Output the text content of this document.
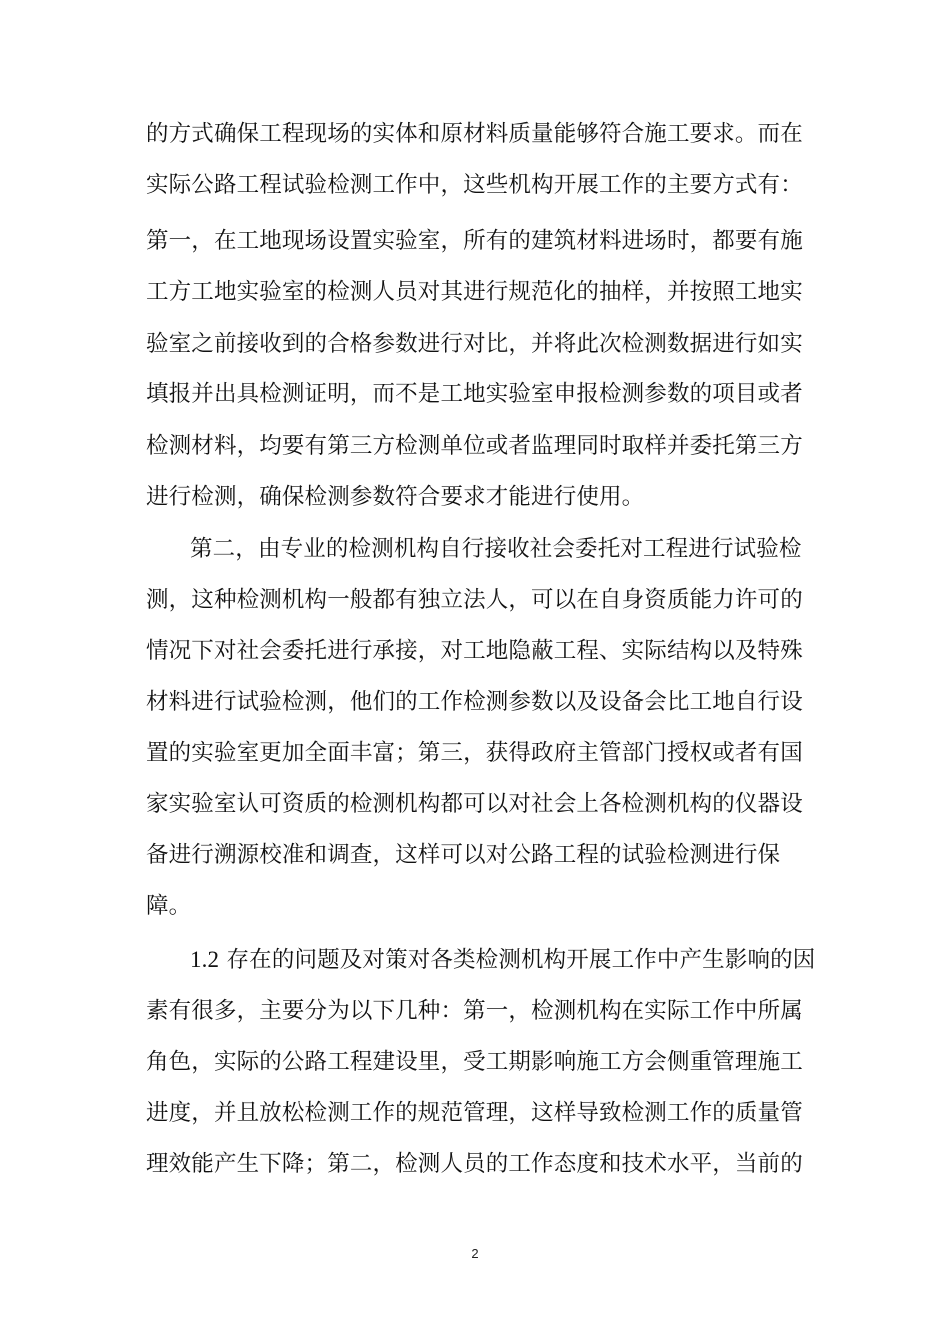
的方式确保工程现场的实体和原材料质量能够符合施工要求。而在
实际公路工程试验检测工作中，这些机构开展工作的主要方式有：
第一，在工地现场设置实验室，所有的建筑材料进场时，都要有施
工方工地实验室的检测人员对其进行规范化的抽样，并按照工地实
验室之前接收到的合格参数进行对比，并将此次检测数据进行如实
填报并出具检测证明，而不是工地实验室申报检测参数的项目或者
检测材料，均要有第三方检测单位或者监理同时取样并委托第三方
进行检测，确保检测参数符合要求才能进行使用。
第二，由专业的检测机构自行接收社会委托对工程进行试验检
测，这种检测机构一般都有独立法人，可以在自身资质能力许可的
情况下对社会委托进行承接，对工地隐蔽工程、实际结构以及特殊
材料进行试验检测，他们的工作检测参数以及设备会比工地自行设
置的实验室更加全面丰富；第三，获得政府主管部门授权或者有国
家实验室认可资质的检测机构都可以对社会上各检测机构的仪器设
备进行溯源校准和调查，这样可以对公路工程的试验检测进行保
障。
1.2 存在的问题及对策对各类检测机构开展工作中产生影响的因
素有很多，主要分为以下几种：第一，检测机构在实际工作中所属
角色，实际的公路工程建设里，受工期影响施工方会侧重管理施工
进度，并且放松检测工作的规范管理，这样导致检测工作的质量管
理效能产生下降；第二，检测人员的工作态度和技术水平，当前的
2
